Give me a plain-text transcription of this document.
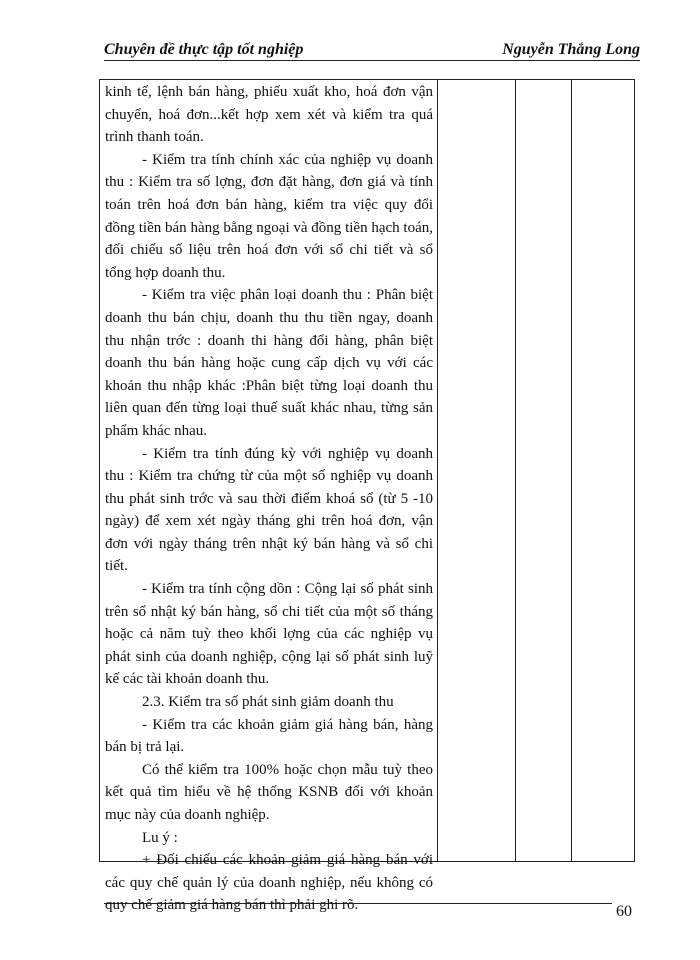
Chuyên đề thực tập tốt nghiệp	Nguyễn Thắng Long

kinh tế, lệnh bán hàng, phiếu xuất kho, hoá đơn vận chuyển, hoá đơn...kết hợp xem xét và kiểm tra quá trình thanh toán.

- Kiểm tra tính chính xác của nghiệp vụ doanh thu : Kiểm tra số lợng, đơn đặt hàng, đơn giá và tính toán trên hoá đơn bán hàng, kiểm tra việc quy đổi đồng tiền bán hàng bằng ngoại và đồng tiền hạch toán, đối chiếu số liệu trên hoá đơn với sổ chi tiết và sổ tổng hợp doanh thu.

- Kiểm tra việc phân loại doanh thu : Phân biệt doanh thu bán chịu, doanh thu thu tiền ngay, doanh thu nhận trớc : doanh thi hàng đổi hàng, phân biệt doanh thu bán hàng hoặc cung cấp dịch vụ với các khoản thu nhập khác :Phân biệt từng loại doanh thu liên quan đến từng loại thuế suất khác nhau, từng sản phẩm khác nhau.

- Kiểm tra tính đúng kỳ với nghiệp vụ doanh thu : Kiểm tra chứng từ của một số nghiệp vụ doanh thu phát sinh trớc và sau thời điểm khoá sổ (từ 5 -10 ngày) để xem xét ngày tháng ghi trên hoá đơn, vận đơn với ngày tháng trên nhật ký bán hàng và sổ chi tiết.

- Kiểm tra tính cộng dồn : Cộng lại số phát sinh trên sổ nhật ký bán hàng, sổ chi tiết của một số tháng hoặc cả năm tuỳ theo khối lợng của các nghiệp vụ phát sinh của doanh nghiệp, cộng lại số phát sinh luỹ kế các tài khoản doanh thu.

2.3. Kiểm tra số phát sinh giảm doanh thu

- Kiểm tra các khoản giảm giá hàng bán, hàng bán bị trả lại.

Có thể kiểm tra 100% hoặc chọn mẫu tuỳ theo kết quả tìm hiểu về hệ thống KSNB đối với khoản mục này của doanh nghiệp.

Lu ý :

+ Đối chiếu các khoản giảm giá hàng bán với các quy chế quản lý của doanh nghiệp, nếu không có quy chế giảm giá hàng bán thì phải ghi rõ.	60
